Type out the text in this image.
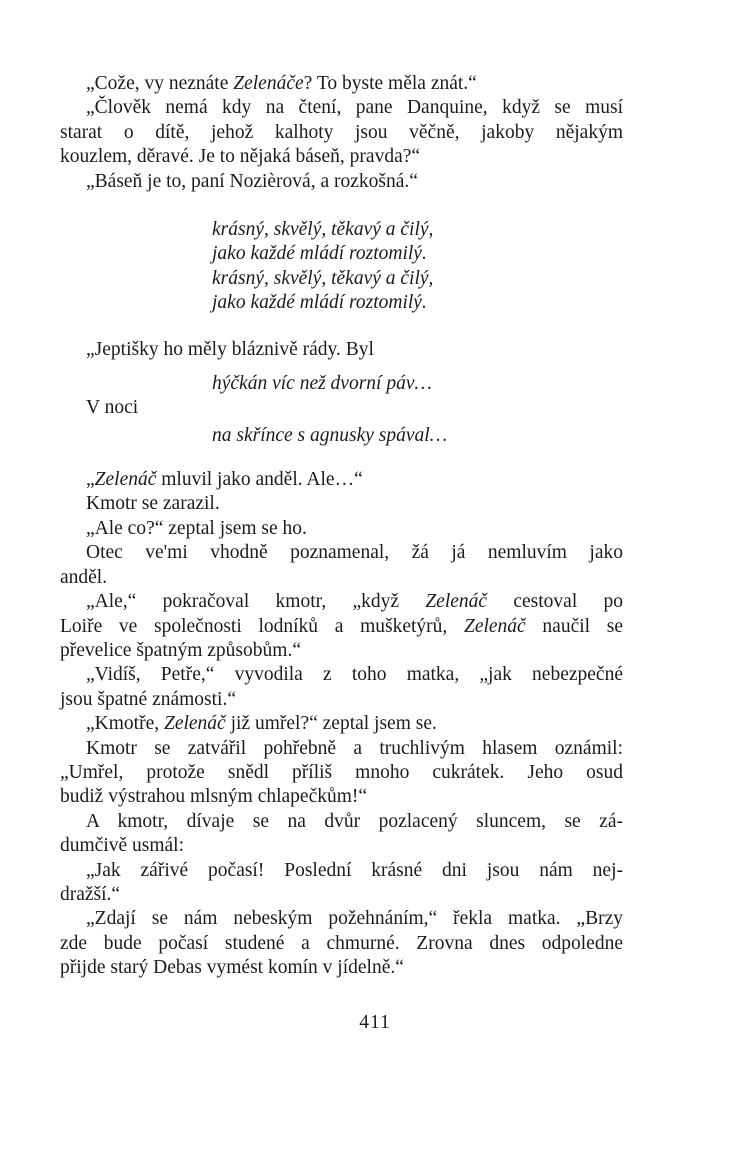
„Cože, vy neznáte Zelenáče? To byste měla znát.“

„Člověk nemá kdy na čtení, pane Danquine, když se musí

starat o dítě, jehož kalhoty jsou věčně, jakoby nějakým

kouzlem, děravé. Je to nějaká báseň, pravda?“

„Báseň je to, paní Nozièrová, a rozkošná.“

krásný, skvělý, těkavý a čilý,
jako každé mládí roztomilý.
krásný, skvělý, těkavý a čilý,
jako každé mládí roztomilý.

„Jeptišky ho měly bláznivě rády. Byl

hýčkán víc než dvorní páv…
V noci
na skřínce s agnusky spával…

„Zelenáč mluvil jako anděl. Ale…“

Kmotr se zarazil.

„Ale co?“ zeptal jsem se ho.

Otec ve'mi vhodně poznamenal, žá já nemluvím jako

anděl.

„Ale,“ pokračoval kmotr, „když Zelenáč cestoval po

Loiře ve společnosti lodníků a mušketýrů, Zelenáč naučil se

převelice špatným způsobům.“

„Vidíš, Petře,“ vyvodila z toho matka, „jak nebezpečné

jsou špatné známosti.“

„Kmotře, Zelenáč již umřel?“ zeptal jsem se.

Kmotr se zatvářil pohřebně a truchlivým hlasem oznámil:

„Umřel, protože snědl příliš mnoho cukrátek. Jeho osud

budiž výstrahou mlsným chlapečkům!“

A kmotr, dívaje se na dvůr pozlacený sluncem, se zá-

dumčivě usmál:

„Jak zářivé počasí! Poslední krásné dni jsou nám nej-

dražší.“

„Zdají se nám nebeským požehnáním,“ řekla matka. „Brzy

zde bude počasí studené a chmurné. Zrovna dnes odpoledne

přijde starý Debas vymést komín v jídelně.“

411
